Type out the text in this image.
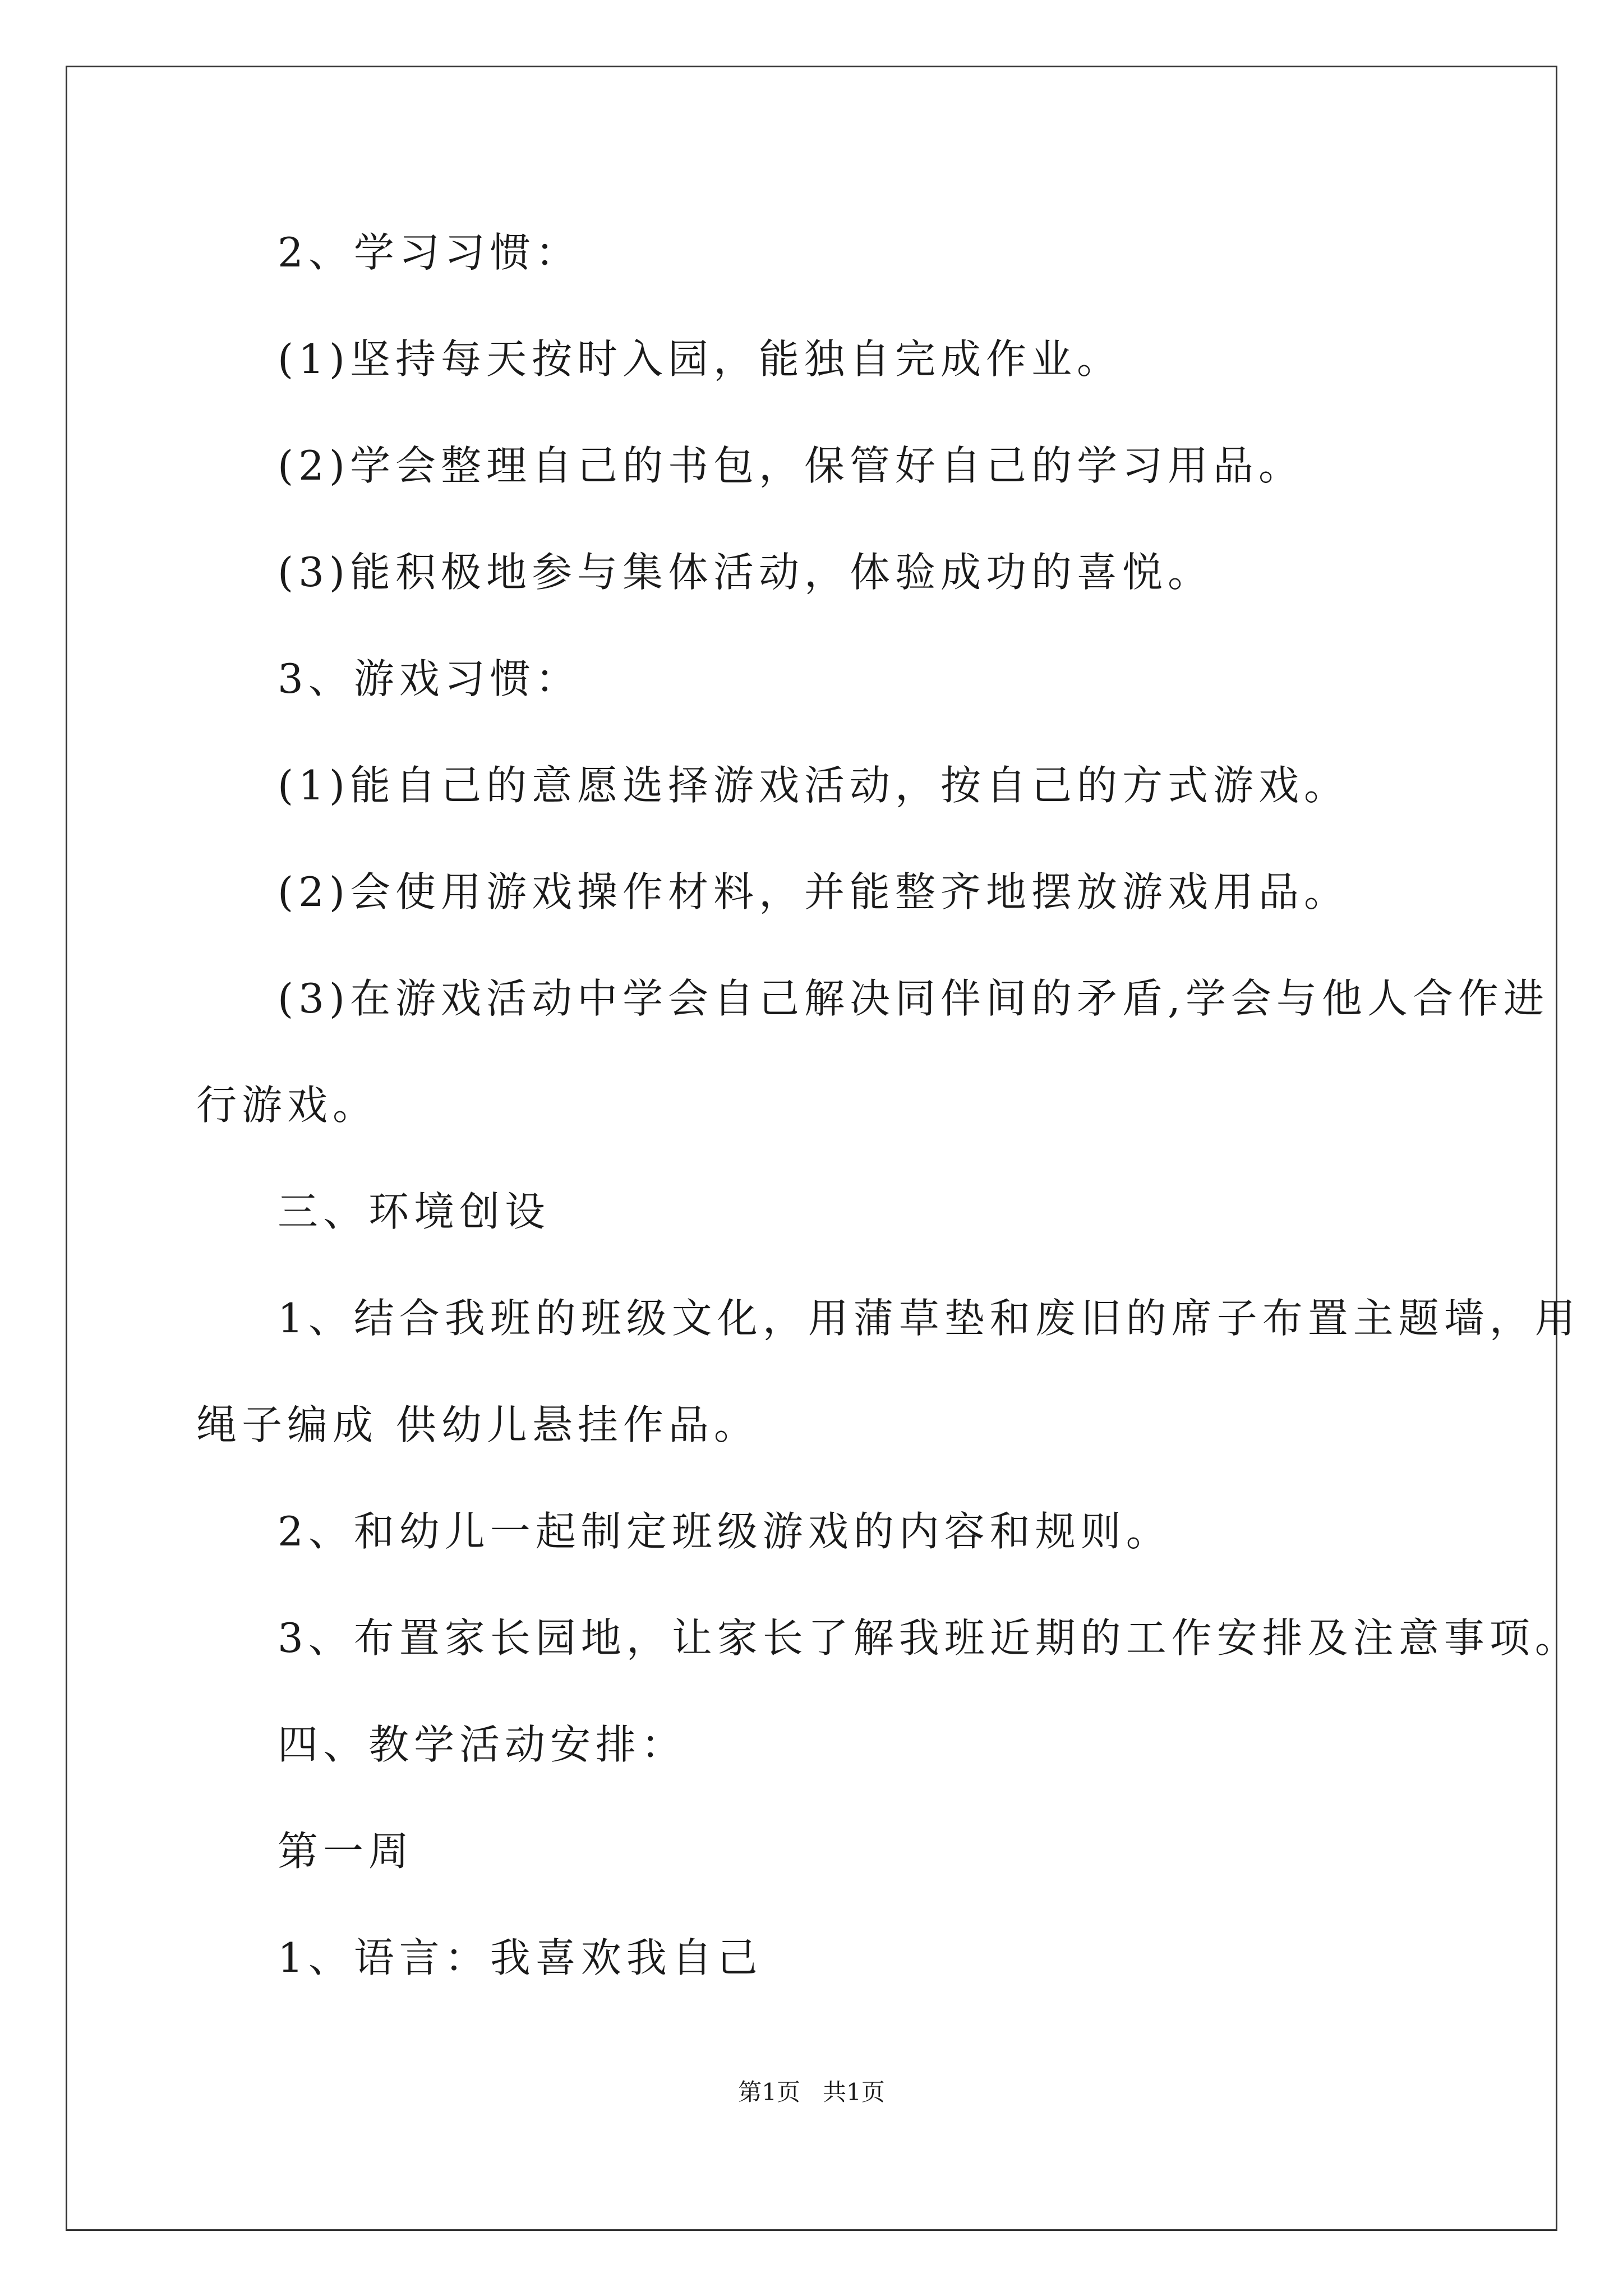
2、学习习惯：
(1)坚持每天按时入园，能独自完成作业。
(2)学会整理自己的书包，保管好自己的学习用品。
(3)能积极地参与集体活动，体验成功的喜悦。
3、游戏习惯：
(1)能自己的意愿选择游戏活动，按自己的方式游戏。
(2)会使用游戏操作材料，并能整齐地摆放游戏用品。
(3)在游戏活动中学会自己解决同伴间的矛盾,学会与他人合作进
行游戏。
三、环境创设
1、结合我班的班级文化，用蒲草垫和废旧的席子布置主题墙，用
绳子编成 供幼儿悬挂作品。
2、和幼儿一起制定班级游戏的内容和规则。
3、布置家长园地，让家长了解我班近期的工作安排及注意事项。
四、教学活动安排：
第一周
1、语言：我喜欢我自己
第1页 共1页
